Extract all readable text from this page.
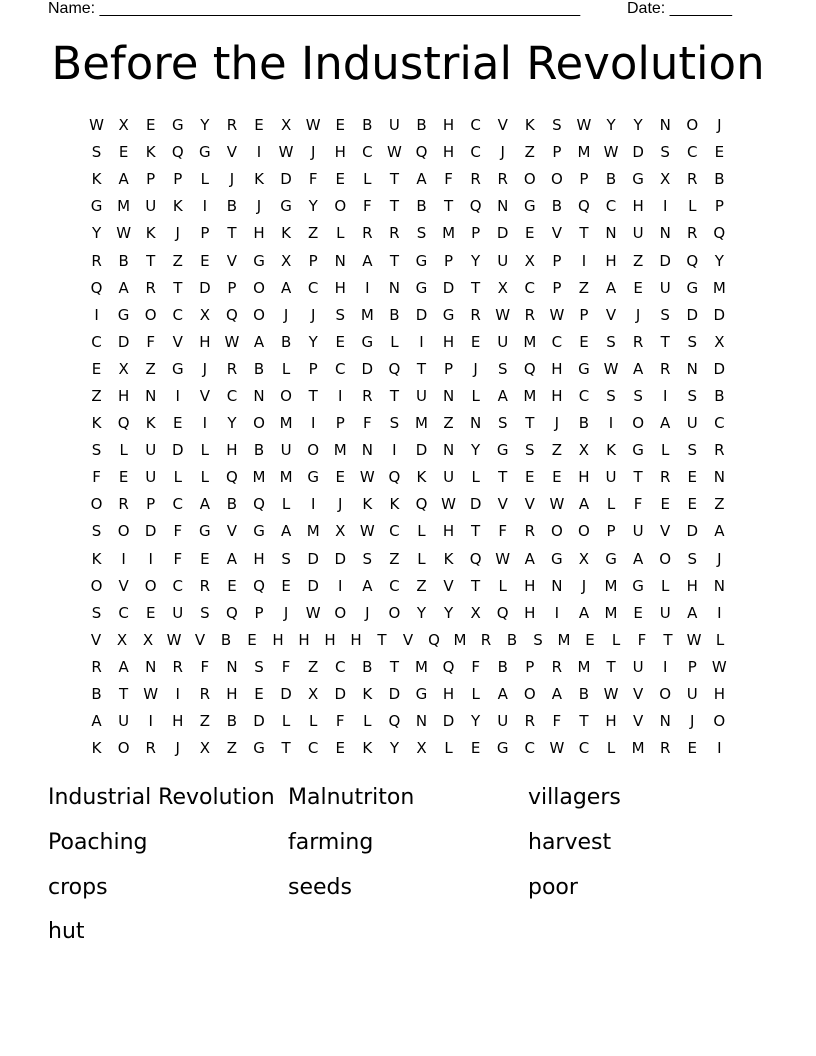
Name: ______________________________________________________	Date: _______
Before the Industrial Revolution
W X	E	G	Y	R	E	X W E	B	U	B	H	C	V	K	S W	Y	Y	N	O	J
S	E	K	Q	G	V	I	W	J	H	C W Q	H	C	J	Z	P	M W D	S	C	E
K	A	P	P	L	J	K	D	F	E	L	T	A	F	R	R	O	O	P	B	G	X	R	B
G M	U	K	I	B	J	G	Y	O	F	T	B	T	Q	N	G	B	Q	C	H	I	L	P
Y	W K	J	P	T	H	K	Z	L	R	R	S	M	P	D	E	V	T	N	U	N	R	Q
R	B	T	Z	E	V	G	X	P	N	A	T	G	P	Y	U	X	P	I	H	Z	D	Q	Y
Q	A	R	T	D	P	O	A	C	H	I	N	G	D	T	X	C	P	Z	A	E	U	G M
I	G	O	C	X	Q	O	J	J	S	M	B	D	G	R W R W	P	V	J	S	D	D
C	D	F	V	H W A	B	Y	E	G	L	I	H	E	U	M	C	E	S	R	T	S	X
E	X	Z	G	J	R	B	L	P	C	D	Q	T	P	J	S	Q	H	G W A	R	N	D
Z	H	N	I	V	C	N	O	T	I	R	T	U	N	L	A	M H	C	S	S	I	S	B
K	Q	K	E	I	Y	O M	I	P	F	S	M	Z	N	S	T	J	B	I	O	A	U	C
S	L	U	D	L	H	B	U	O M N	I	D	N	Y	G	S	Z	X	K	G	L	S	R
F	E	U	L	L	Q M M G	E W Q	K	U	L	T	E	E	H	U	T	R	E	N
O	R	P	C	A	B	Q	L	I	J	K	K	Q W D	V	V W A	L	F	E	E	Z
S	O	D	F	G	V	G	A	M	X W C	L	H	T	F	R	O	O	P	U	V	D	A
K	I	I	F	E	A	H	S	D	D	S	Z	L	K	Q W A	G	X	G	A	O	S	J
O	V	O	C	R	E	Q	E	D	I	A	C	Z	V	T	L	H	N	J	M G	L	H	N
S	C	E	U	S	Q	P	J	W O	J	O	Y	Y	X	Q	H	I	A	M	E	U	A	I
V	X	X W V	B	E	H H H H	T	V Q M R	B	S M E	L	F	T W L
R	A	N	R	F	N	S	F	Z	C	B	T	M Q	F	B	P	R	M	T	U	I	P	W
B	T	W	I	R	H	E	D	X	D	K	D	G	H	L	A	O	A	B W V	O	U	H
A	U	I	H	Z	B	D	L	L	F	L	Q	N	D	Y	U	R	F	T	H	V	N	J	O
K	O	R	J	X	Z	G	T	C	E	K	Y	X	L	E	G	C W C	L	M	R	E	I
Industrial Revolution Malnutriton	villagers
Poaching	farming	harvest
crops	seeds	poor
hut
